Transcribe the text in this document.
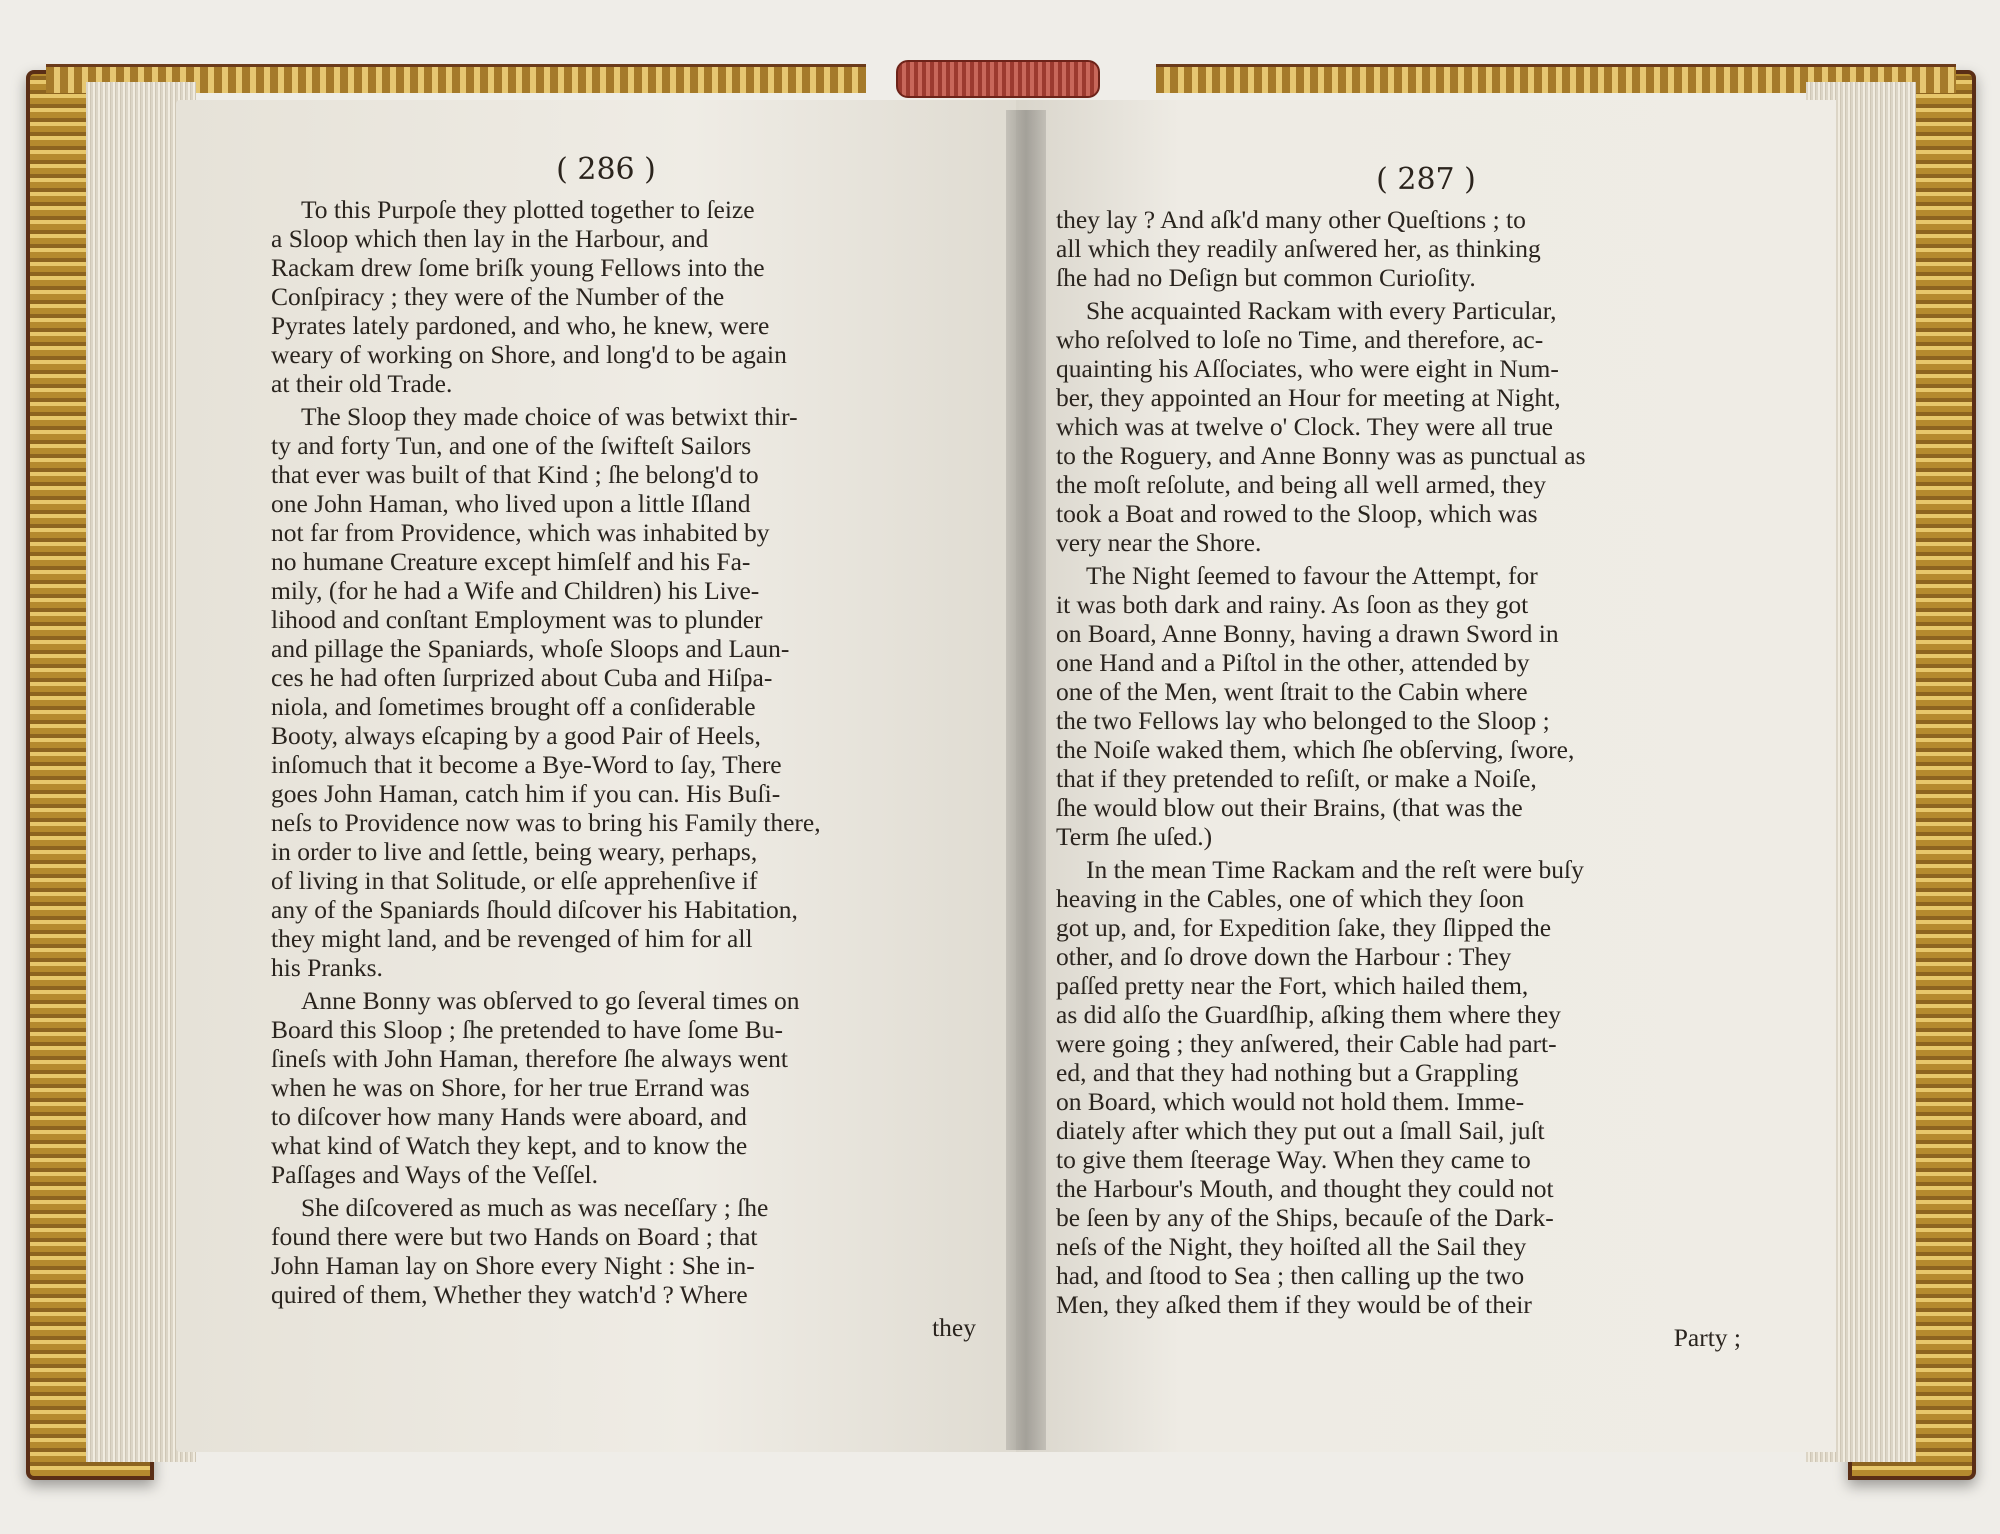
( 286 )
To this Purpoſe they plotted together to ſeize
a Sloop which then lay in the Harbour, and
Rackam drew ſome briſk young Fellows into the
Conſpiracy ; they were of the Number of the
Pyrates lately pardoned, and who, he knew, were
weary of working on Shore, and long'd to be again
at their old Trade.
The Sloop they made choice of was betwixt thir-
ty and forty Tun, and one of the ſwifteſt Sailors
that ever was built of that Kind ; ſhe belong'd to
one John Haman, who lived upon a little Iſland
not far from Providence, which was inhabited by
no humane Creature except himſelf and his Fa-
mily, (for he had a Wife and Children) his Live-
lihood and conſtant Employment was to plunder
and pillage the Spaniards, whoſe Sloops and Laun-
ces he had often ſurprized about Cuba and Hiſpa-
niola, and ſometimes brought off a conſiderable
Booty, always eſcaping by a good Pair of Heels,
inſomuch that it become a Bye-Word to ſay, There
goes John Haman, catch him if you can. His Buſi-
neſs to Providence now was to bring his Family there,
in order to live and ſettle, being weary, perhaps,
of living in that Solitude, or elſe apprehenſive if
any of the Spaniards ſhould diſcover his Habitation,
they might land, and be revenged of him for all
his Pranks.
Anne Bonny was obſerved to go ſeveral times on
Board this Sloop ; ſhe pretended to have ſome Bu-
ſineſs with John Haman, therefore ſhe always went
when he was on Shore, for her true Errand was
to diſcover how many Hands were aboard, and
what kind of Watch they kept, and to know the
Paſſages and Ways of the Veſſel.
She diſcovered as much as was neceſſary ; ſhe
found there were but two Hands on Board ; that
John Haman lay on Shore every Night : She in-
quired of them, Whether they watch'd ? Where
they
( 287 )
they lay ? And aſk'd many other Queſtions ; to
all which they readily anſwered her, as thinking
ſhe had no Deſign but common Curioſity.
She acquainted Rackam with every Particular,
who reſolved to loſe no Time, and therefore, ac-
quainting his Aſſociates, who were eight in Num-
ber, they appointed an Hour for meeting at Night,
which was at twelve o' Clock. They were all true
to the Roguery, and Anne Bonny was as punctual as
the moſt reſolute, and being all well armed, they
took a Boat and rowed to the Sloop, which was
very near the Shore.
The Night ſeemed to favour the Attempt, for
it was both dark and rainy. As ſoon as they got
on Board, Anne Bonny, having a drawn Sword in
one Hand and a Piſtol in the other, attended by
one of the Men, went ſtrait to the Cabin where
the two Fellows lay who belonged to the Sloop ;
the Noiſe waked them, which ſhe obſerving, ſwore,
that if they pretended to reſiſt, or make a Noiſe,
ſhe would blow out their Brains, (that was the
Term ſhe uſed.)
In the mean Time Rackam and the reſt were buſy
heaving in the Cables, one of which they ſoon
got up, and, for Expedition ſake, they ſlipped the
other, and ſo drove down the Harbour : They
paſſed pretty near the Fort, which hailed them,
as did alſo the Guardſhip, aſking them where they
were going ; they anſwered, their Cable had part-
ed, and that they had nothing but a Grappling
on Board, which would not hold them. Imme-
diately after which they put out a ſmall Sail, juſt
to give them ſteerage Way. When they came to
the Harbour's Mouth, and thought they could not
be ſeen by any of the Ships, becauſe of the Dark-
neſs of the Night, they hoiſted all the Sail they
had, and ſtood to Sea ; then calling up the two
Men, they aſked them if they would be of their
Party ;
